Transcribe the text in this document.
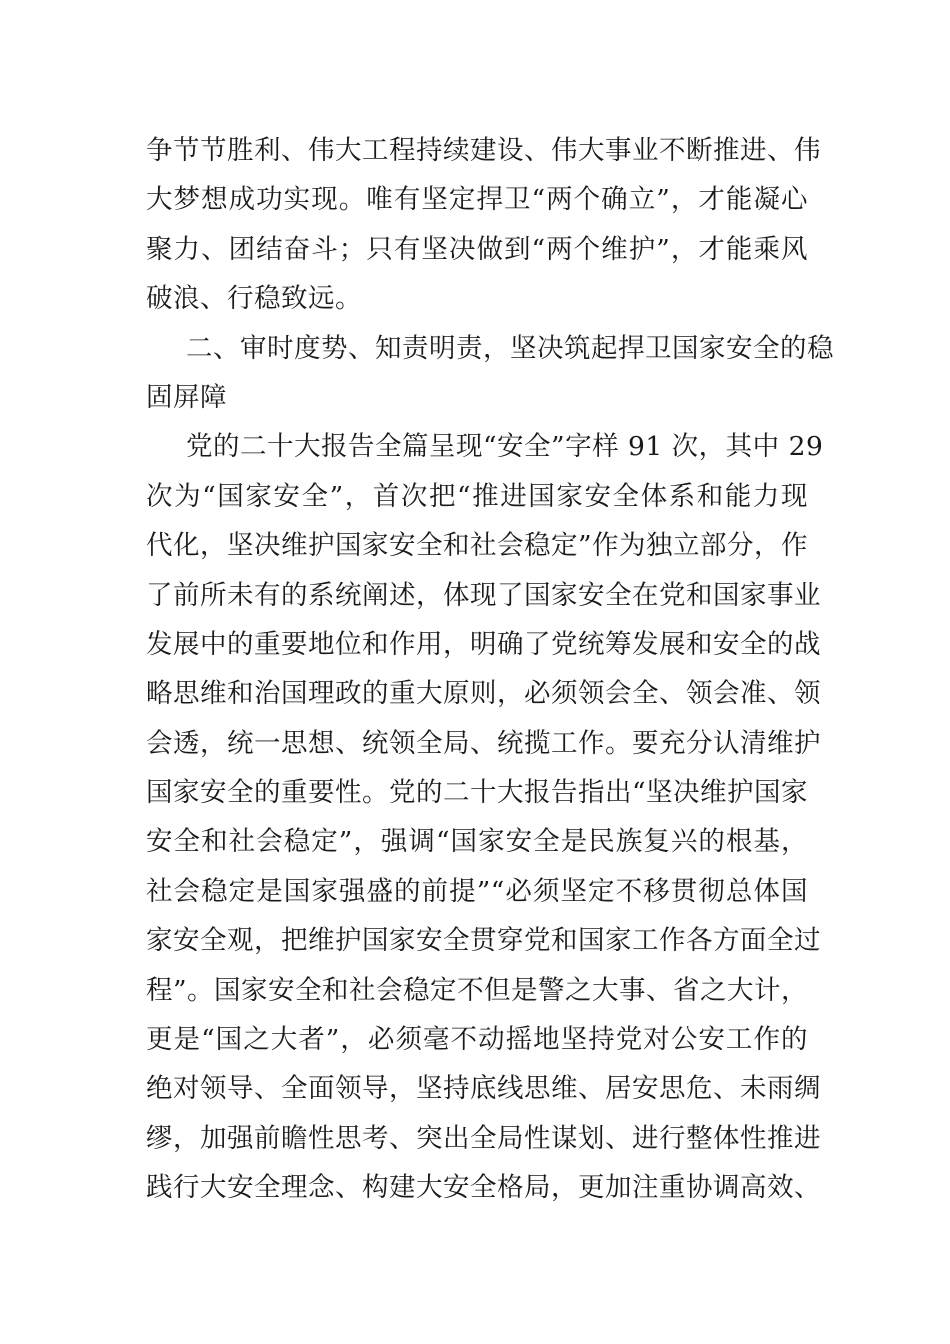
争节节胜利、伟大工程持续建设、伟大事业不断推进、伟
大梦想成功实现。唯有坚定捍卫“两个确立”，才能凝心
聚力、团结奋斗；只有坚决做到“两个维护”，才能乘风
破浪、行稳致远。
二、审时度势、知责明责，坚决筑起捍卫国家安全的稳
固屏障
党的二十大报告全篇呈现“安全”字样 91 次，其中 29
次为“国家安全”，首次把“推进国家安全体系和能力现
代化，坚决维护国家安全和社会稳定”作为独立部分，作
了前所未有的系统阐述，体现了国家安全在党和国家事业
发展中的重要地位和作用，明确了党统筹发展和安全的战
略思维和治国理政的重大原则，必须领会全、领会准、领
会透，统一思想、统领全局、统揽工作。要充分认清维护
国家安全的重要性。党的二十大报告指出“坚决维护国家
安全和社会稳定”，强调“国家安全是民族复兴的根基，
社会稳定是国家强盛的前提”“必须坚定不移贯彻总体国
家安全观，把维护国家安全贯穿党和国家工作各方面全过
程”。国家安全和社会稳定不但是警之大事、省之大计，
更是“国之大者”，必须毫不动摇地坚持党对公安工作的
绝对领导、全面领导，坚持底线思维、居安思危、未雨绸
缪，加强前瞻性思考、突出全局性谋划、进行整体性推进
践行大安全理念、构建大安全格局，更加注重协调高效、
